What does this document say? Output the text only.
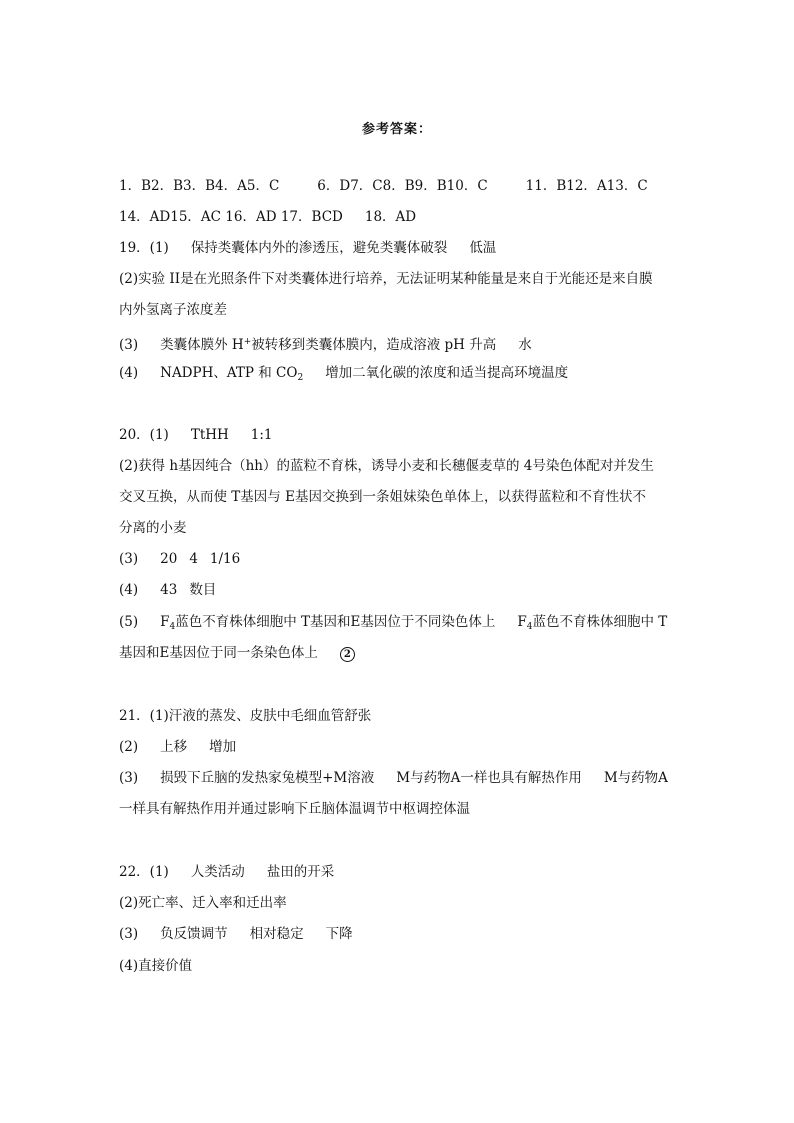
参考答案：
1．B2．B3．B4．A5．C	6．D7．C8．B9．B10．C	11．B12．A13．C
14．AD15．AC 16．AD 17．BCD 18．AD
19．(1) 保持类囊体内外的渗透压，避免类囊体破裂 低温
(2)实验 II是在光照条件下对类囊体进行培养，无法证明某种能量是来自于光能还是来自膜
内外氢离子浓度差
(3) 类囊体膜外 H+被转移到类囊体膜内，造成溶液 pH 升高 水
(4) NADPH、ATP 和 $CO_2$ 增加二氧化碳的浓度和适当提高环境温度
20．(1) TtHH 1:1
(2)获得 h基因纯合（hh）的蓝粒不育株，诱导小麦和长穗偃麦草的 4号染色体配对并发生
交叉互换，从而使 T基因与 E基因交换到一条姐妹染色单体上，以获得蓝粒和不育性状不
分离的小麦
(3) 20 4 1/16
(4) 43 数目
(5) $F_4$蓝色不育株体细胞中 T基因和E基因位于不同染色体上 $F_4$蓝色不育株体细胞中 T
基因和E基因位于同一条染色体上	2
21．(1)汗液的蒸发、皮肤中毛细血管舒张
(2) 上移 增加
(3) 损毁下丘脑的发热家兔模型+M溶液 M与药物A一样也具有解热作用 M与药物A
一样具有解热作用并通过影响下丘脑体温调节中枢调控体温
22．(1) 人类活动 盐田的开采
(2)死亡率、迁入率和迁出率
(3) 负反馈调节 相对稳定 下降
(4)直接价值
